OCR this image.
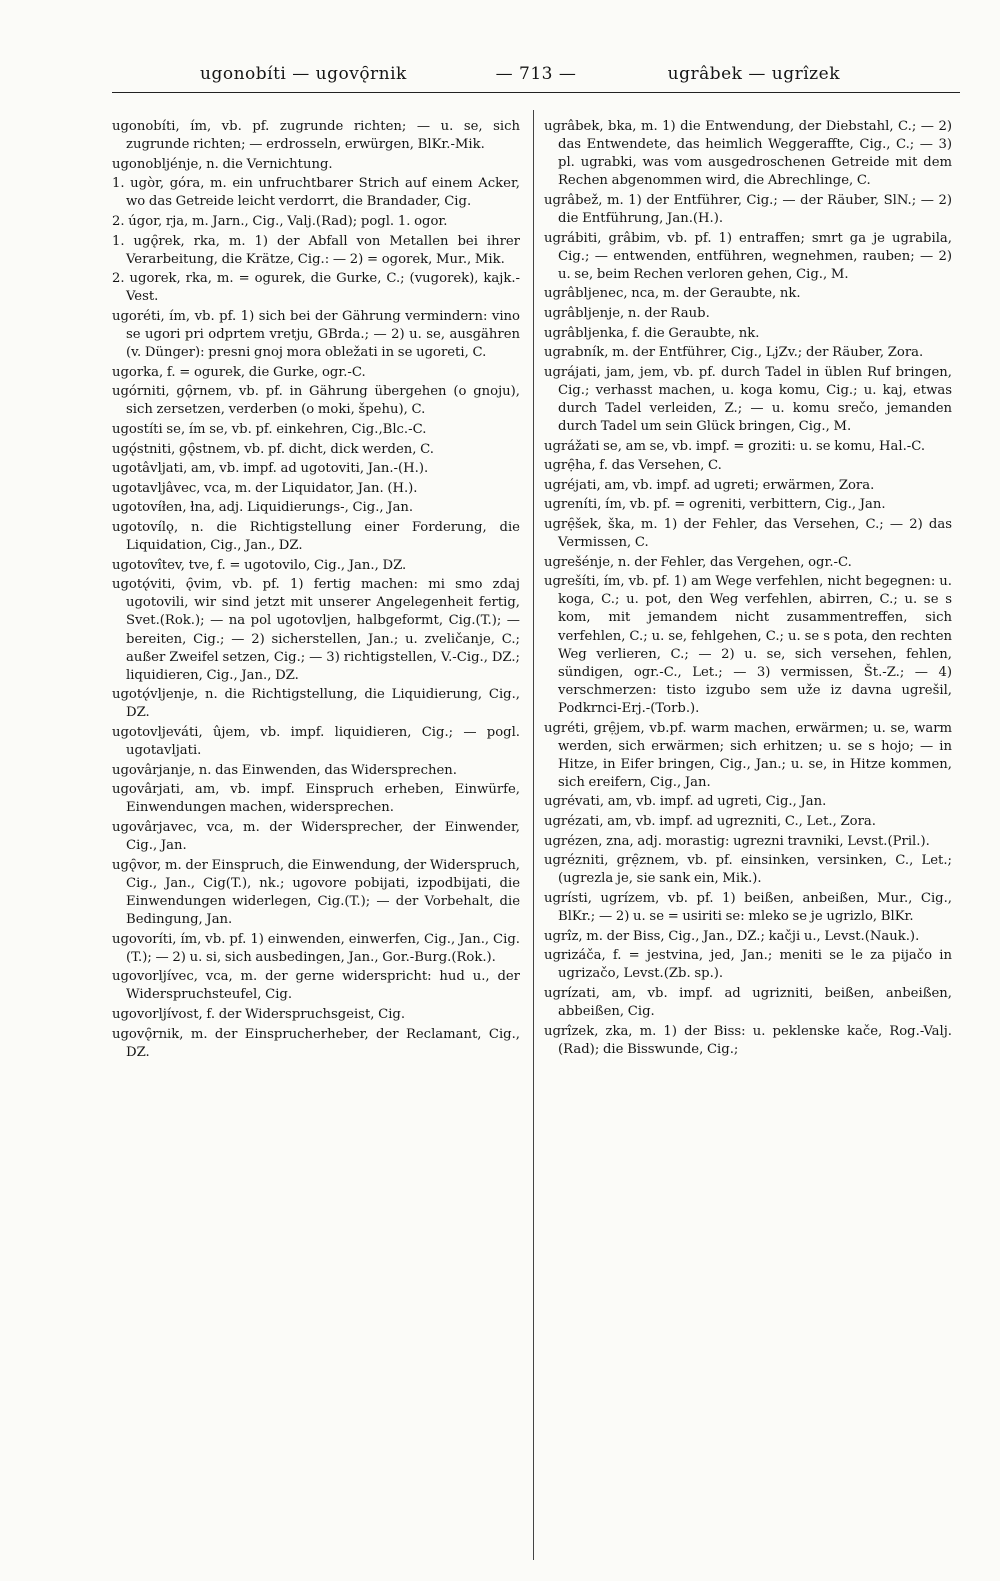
— 713 —
ugonobíti — ugovǫ̑rnik	ugrâbek — ugrîzek

ugonobíti, ím, vb. pf. zugrunde richten; — u. se, sich zugrunde richten; — erdrosseln, erwürgen, BlKr.-Mik.

ugonobljénje, n. die Vernichtung.

1. ugòr, góra, m. ein unfruchtbarer Strich auf einem Acker, wo das Getreide leicht verdorrt, die Brandader, Cig.

2. úgor, rja, m. Jarn., Cig., Valj.(Rad); pogl. 1. ogor.

1. ugǫ̑rek, rka, m. 1) der Abfall von Metallen bei ihrer Verarbeitung, die Krätze, Cig.: — 2) = ogorek, Mur., Mik.

2. ugorek, rka, m. = ogurek, die Gurke, C.; (vugorek), kajk.-Vest.

ugoréti, ím, vb. pf. 1) sich bei der Gährung vermindern: vino se ugori pri odprtem vretju, GBrda.; — 2) u. se, ausgähren (v. Dünger): presni gnoj mora obležati in se ugoreti, C.

ugorka, f. = ogurek, die Gurke, ogr.-C.

ugórniti, gǫ̑rnem, vb. pf. in Gährung übergehen (o gnoju), sich zersetzen, verderben (o moki, špehu), C.

ugostíti se, ím se, vb. pf. einkehren, Cig.,Blc.-C.

ugǫ́stniti, gǫ̑stnem, vb. pf. dicht, dick werden, C.

ugotâvljati, am, vb. impf. ad ugotoviti, Jan.-(H.).

ugotavljâvec, vca, m. der Liquidator, Jan. (H.).

ugotovíłen, łna, adj. Liquidierungs-, Cig., Jan.

ugotovílǫ, n. die Richtigstellung einer Forderung, die Liquidation, Cig., Jan., DZ.

ugotovîtev, tve, f. = ugotovilo, Cig., Jan., DZ.

ugotǫ́viti, ǫ̑vim, vb. pf. 1) fertig machen: mi smo zdaj ugotovili, wir sind jetzt mit unserer Angelegenheit fertig, Svet.(Rok.); — na pol ugotovljen, halbgeformt, Cig.(T.); — bereiten, Cig.; — 2) sicherstellen, Jan.; u. zveličanje, C.; außer Zweifel setzen, Cig.; — 3) richtigstellen, V.-Cig., DZ.; liquidieren, Cig., Jan., DZ.

ugotǫ́vljenje, n. die Richtigstellung, die Liquidierung, Cig., DZ.

ugotovljeváti, ûjem, vb. impf. liquidieren, Cig.; — pogl. ugotavljati.

ugovârjanje, n. das Einwenden, das Widersprechen.

ugovârjati, am, vb. impf. Einspruch erheben, Einwürfe, Einwendungen machen, widersprechen.

ugovârjavec, vca, m. der Widersprecher, der Einwender, Cig., Jan.

ugǫ̑vor, m. der Einspruch, die Einwendung, der Widerspruch, Cig., Jan., Cig(T.), nk.; ugovore pobijati, izpodbijati, die Einwendungen widerlegen, Cig.(T.); — der Vorbehalt, die Bedingung, Jan.

ugovoríti, ím, vb. pf. 1) einwenden, einwerfen, Cig., Jan., Cig.(T.); — 2) u. si, sich ausbedingen, Jan., Gor.-Burg.(Rok.).

ugovorljívec, vca, m. der gerne widerspricht: hud u., der Widerspruchsteufel, Cig.

ugovorljívost, f. der Widerspruchsgeist, Cig.

ugovǫ̑rnik, m. der Einsprucherheber, der Reclamant, Cig., DZ.

ugrâbek, bka, m. 1) die Entwendung, der Diebstahl, C.; — 2) das Entwendete, das heimlich Weggeraffte, Cig., C.; — 3) pl. ugrabki, was vom ausgedroschenen Getreide mit dem Rechen abgenommen wird, die Abrechlinge, C.

ugrâbež, m. 1) der Entführer, Cig.; — der Räuber, SlN.; — 2) die Entführung, Jan.(H.).

ugrábiti, grâbim, vb. pf. 1) entraffen; smrt ga je ugrabila, Cig.; — entwenden, entführen, wegnehmen, rauben; — 2) u. se, beim Rechen verloren gehen, Cig., M.

ugrâbljenec, nca, m. der Geraubte, nk.

ugrâbljenje, n. der Raub.

ugrâbljenka, f. die Geraubte, nk.

ugrabník, m. der Entführer, Cig., LjZv.; der Räuber, Zora.

ugrájati, jam, jem, vb. pf. durch Tadel in üblen Ruf bringen, Cig.; verhasst machen, u. koga komu, Cig.; u. kaj, etwas durch Tadel verleiden, Z.; — u. komu srečo, jemanden durch Tadel um sein Glück bringen, Cig., M.

ugrážati se, am se, vb. impf. = groziti: u. se komu, Hal.-C.

ugrẹ̑ha, f. das Versehen, C.

ugréjati, am, vb. impf. ad ugreti; erwärmen, Zora.

ugreníti, ím, vb. pf. = ogreniti, verbittern, Cig., Jan.

ugrẹ̑šek, ška, m. 1) der Fehler, das Versehen, C.; — 2) das Vermissen, C.

ugrešénje, n. der Fehler, das Vergehen, ogr.-C.

ugrešíti, ím, vb. pf. 1) am Wege verfehlen, nicht begegnen: u. koga, C.; u. pot, den Weg verfehlen, abirren, C.; u. se s kom, mit jemandem nicht zusammentreffen, sich verfehlen, C.; u. se, fehlgehen, C.; u. se s pota, den rechten Weg verlieren, C.; — 2) u. se, sich versehen, fehlen, sündigen, ogr.-C., Let.; — 3) vermissen, Št.-Z.; — 4) verschmerzen: tisto izgubo sem uže iz davna ugrešil, Podkrnci-Erj.-(Torb.).

ugréti, grẹ̑jem, vb.pf. warm machen, erwärmen; u. se, warm werden, sich erwärmen; sich erhitzen; u. se s hojo; — in Hitze, in Eifer bringen, Cig., Jan.; u. se, in Hitze kommen, sich ereifern, Cig., Jan.

ugrévati, am, vb. impf. ad ugreti, Cig., Jan.

ugrézati, am, vb. impf. ad ugrezniti, C., Let., Zora.

ugrézen, zna, adj. morastig: ugrezni travniki, Levst.(Pril.).

ugrézniti, grẹ̑znem, vb. pf. einsinken, versinken, C., Let.; (ugrezla je, sie sank ein, Mik.).

ugrísti, ugrízem, vb. pf. 1) beißen, anbeißen, Mur., Cig., BlKr.; — 2) u. se = usiriti se: mleko se je ugrizlo, BlKr.

ugrîz, m. der Biss, Cig., Jan., DZ.; kačji u., Levst.(Nauk.).

ugrizáča, f. = jestvina, jed, Jan.; meniti se le za pijačo in ugrizačo, Levst.(Zb. sp.).

ugrízati, am, vb. impf. ad ugrizniti, beißen, anbeißen, abbeißen, Cig.

ugrîzek, zka, m. 1) der Biss: u. peklenske kače, Rog.-Valj.(Rad); die Bisswunde, Cig.;
